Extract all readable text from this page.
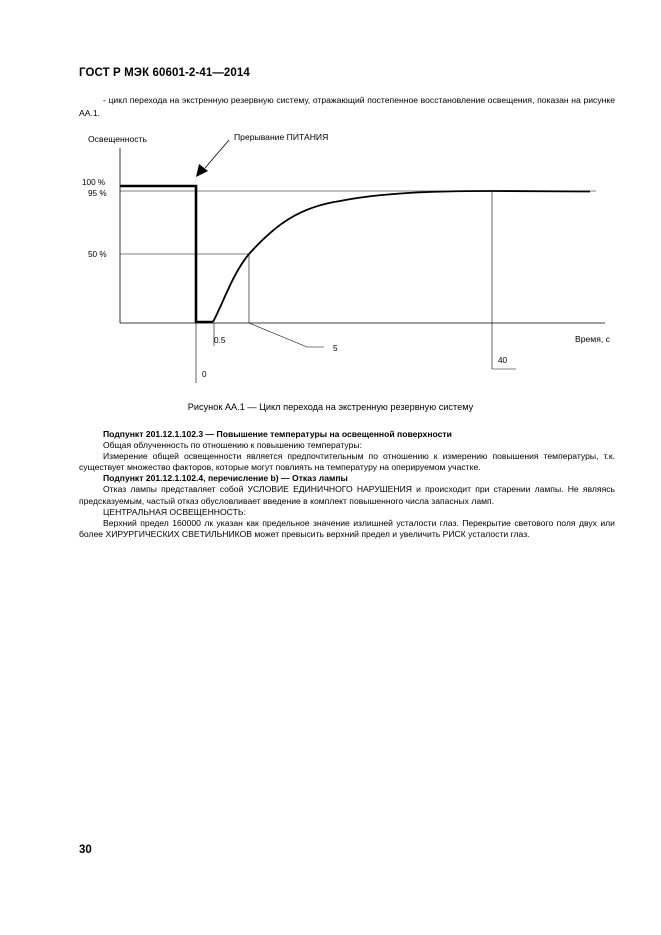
ГОСТ Р МЭК 60601-2-41—2014

- цикл перехода на экстренную резервную систему, отражающий постепенное восстановление освещения, показан на рисунке АА.1.

Прерывание ПИТАНИЯ
Освещенность
Время, с
100 %
95 %
50 %
0
0.5
5
40
Рисунок АА.1 — Цикл перехода на экстренную резервную систему

Подпункт 201.12.1.102.3 — Повышение температуры на освещенной поверхности

Общая облученность по отношению к повышению температуры:

Измерение общей освещенности является предпочтительным по отношению к измерению повышения температуры, т.к. существует множество факторов, которые могут повлиять на температуру на оперируемом участке.

Подпункт 201.12.1.102.4, перечисление b) — Отказ лампы

Отказ лампы представляет собой УСЛОВИЕ ЕДИНИЧНОГО НАРУШЕНИЯ и происходит при старении лампы. Не являясь предсказуемым, частый отказ обусловливает введение в комплект повышенного числа запасных ламп.

ЦЕНТРАЛЬНАЯ ОСВЕЩЕННОСТЬ:

Верхний предел 160000 лк указан как предельное значение излишней усталости глаз. Перекрытие светового поля двух или более ХИРУРГИЧЕСКИХ СВЕТИЛЬНИКОВ может превысить верхний предел и увеличить РИСК усталости глаз.

30
